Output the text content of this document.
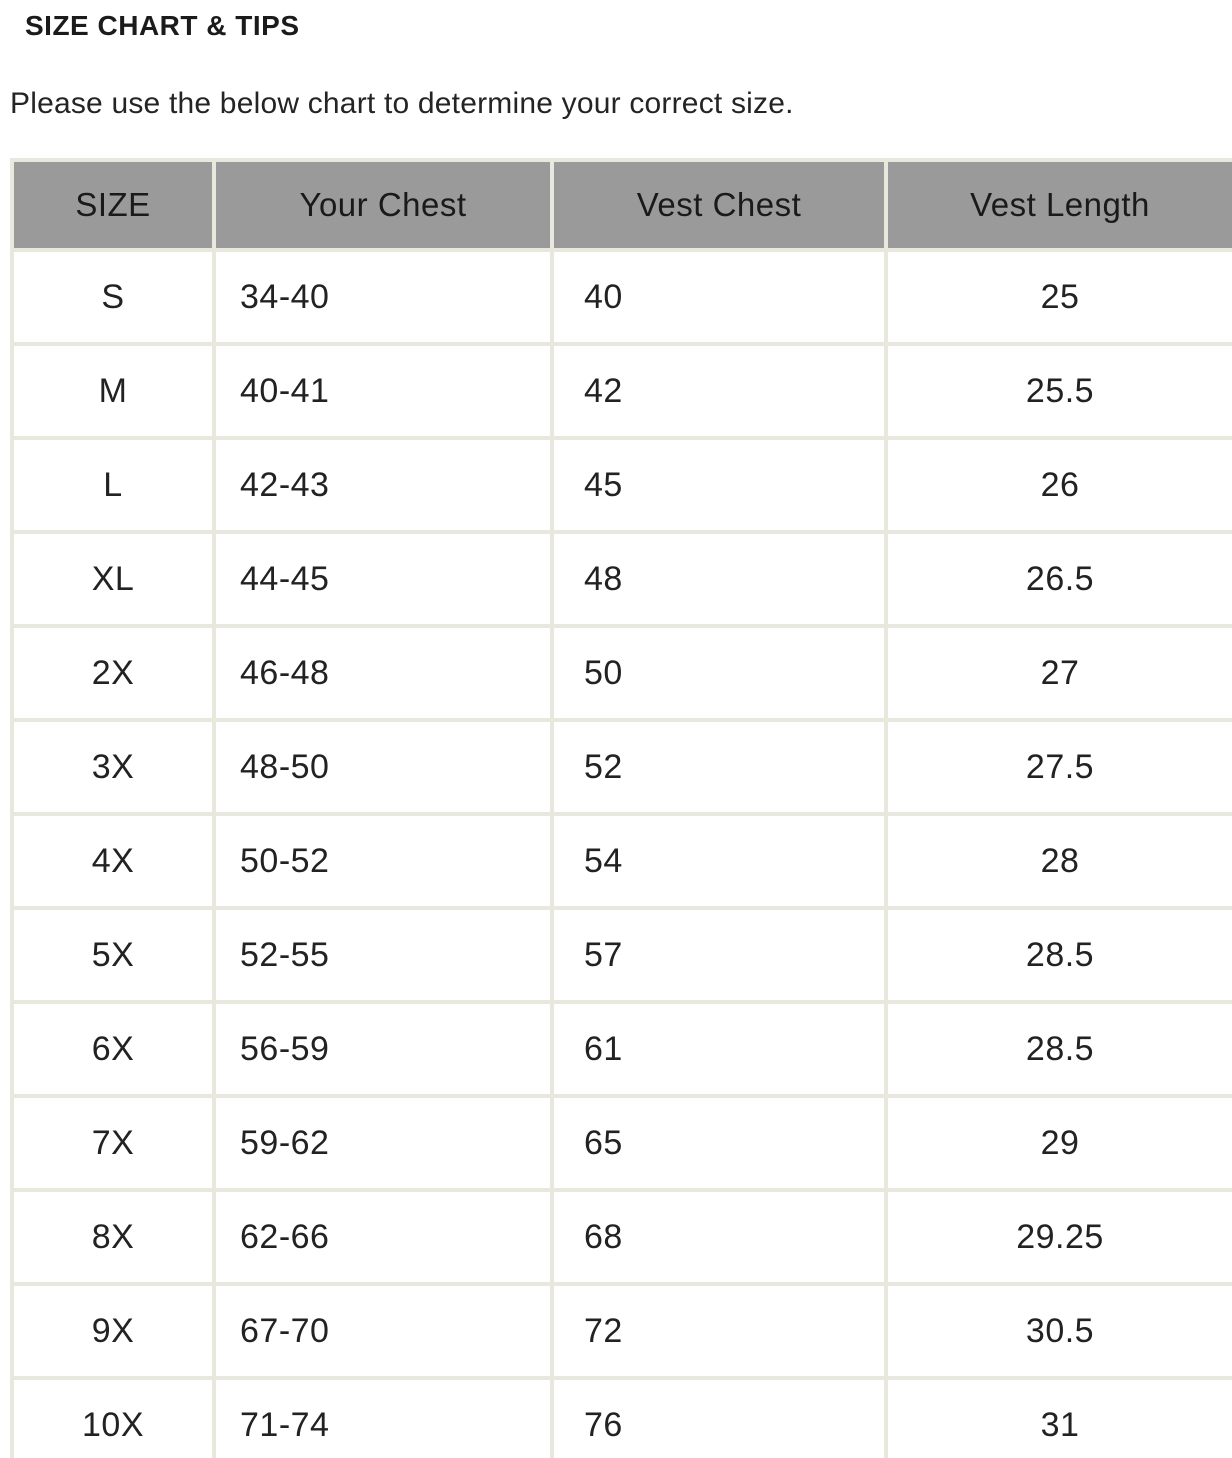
SIZE CHART & TIPS

Please use the below chart to determine your correct size.

SIZE	Your Chest	Vest Chest	Vest Length
S	34-40	40	25
M	40-41	42	25.5
L	42-43	45	26
XL	44-45	48	26.5
2X	46-48	50	27
3X	48-50	52	27.5
4X	50-52	54	28
5X	52-55	57	28.5
6X	56-59	61	28.5
7X	59-62	65	29
8X	62-66	68	29.25
9X	67-70	72	30.5
10X	71-74	76	31
